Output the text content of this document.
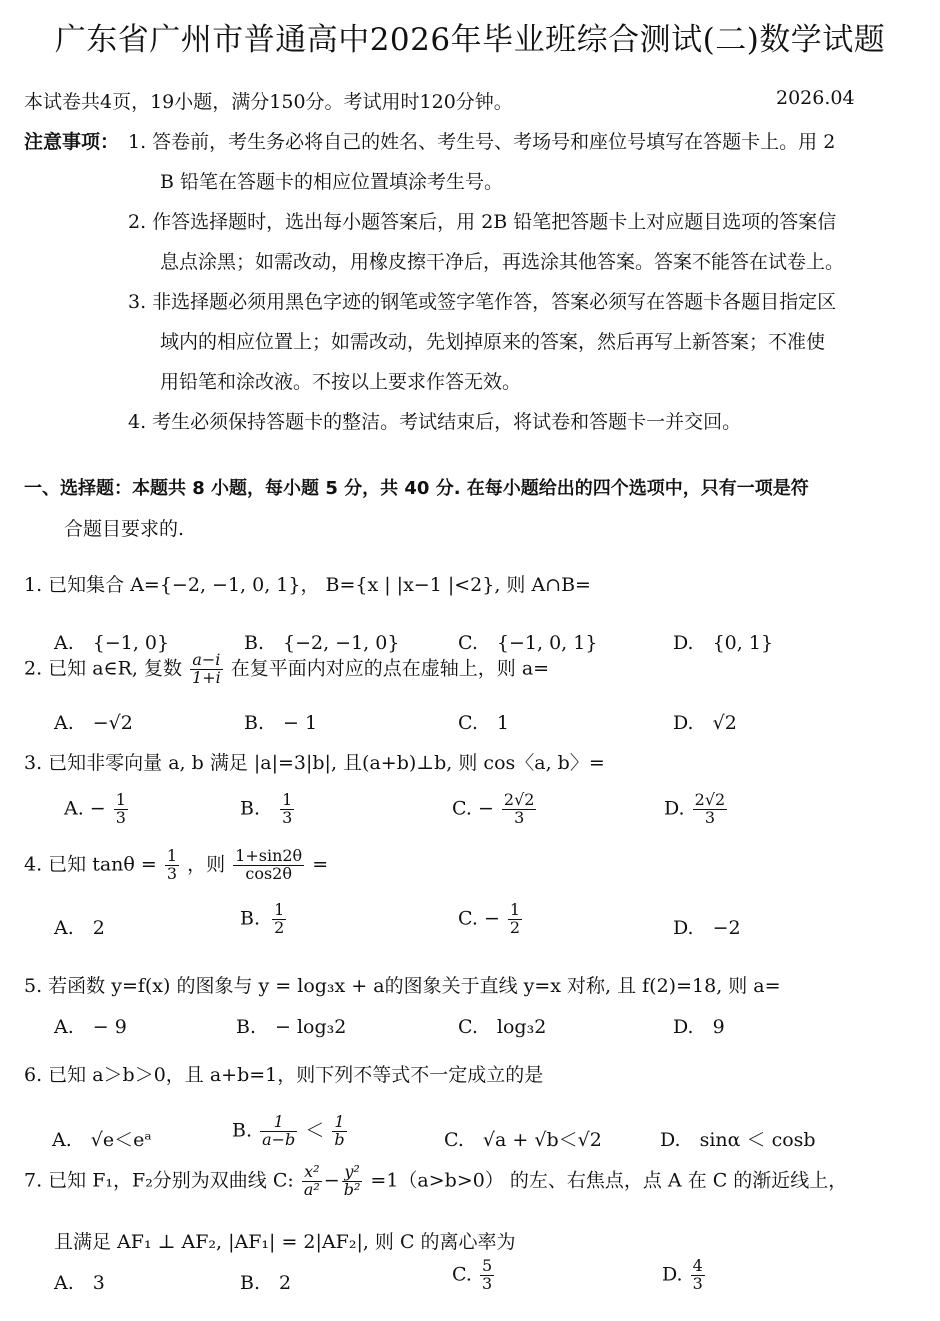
广东省广州市普通高中2026年毕业班综合测试(二)数学试题
本试卷共4页，19小题，满分150分。考试用时120分钟。	2026.04
注意事项： 1. 答卷前，考生务必将自己的姓名、考生号、考场号和座位号填写在答题卡上。用 2
B 铅笔在答题卡的相应位置填涂考生号。
2. 作答选择题时，选出每小题答案后，用 2B 铅笔把答题卡上对应题目选项的答案信
息点涂黑；如需改动，用橡皮擦干净后，再选涂其他答案。答案不能答在试卷上。
3. 非选择题必须用黑色字迹的钢笔或签字笔作答，答案必须写在答题卡各题目指定区
域内的相应位置上；如需改动，先划掉原来的答案，然后再写上新答案；不准使
用铅笔和涂改液。不按以上要求作答无效。
4. 考生必须保持答题卡的整洁。考试结束后，将试卷和答题卡一并交回。
一、选择题：本题共 8 小题，每小题 5 分，共 40 分. 在每小题给出的四个选项中，只有一项是符
合题目要求的.
1. 已知集合 A={−2, −1, 0, 1}， B={x | |x−1 |<2}, 则 A∩B=
A.　{−1, 0}	B.　{−2, −1, 0}	C.　{−1, 0, 1}	D.　{0, 1}
2. 已知 a∈R, 复数 $\frac{a-i}{1+i}$ 在复平面内对应的点在虚轴上，则 a=
A.　−√2	B.　− 1	C.　1	D.　√2
3. 已知非零向量 a, b 满足 |a|=3|b|, 且(a+b)⊥b, 则 cos〈a, b〉=
A. − $\frac{1}{3}$	B. $\frac{1}{3}$	C. − $\frac{2√2}{3}$	D. $\frac{2√2}{3}$
4. 已知 $\tan\theta = \frac{1}{3}$ ，则 $\frac{1+\sin 2\theta}{\cos 2\theta}$ =
A.　2	B. $\frac{1}{2}$	C. − $\frac{1}{2}$	D.　−2
5. 若函数 y=f(x) 的图象与 y = log₃x + a的图象关于直线 y=x 对称, 且 f(2)=18, 则 a=
A.　− 9	B.　− log₃2	C.　log₃2	D.　9
6. 已知 a＞b＞0，且 a+b=1，则下列不等式不一定成立的是
A.　√e＜eᵃ	B. $\frac{1}{a-b} < \frac{1}{b}$	C.　√a + √b＜√2	D.　sinα ＜ cosb
7. 已知 F₁，F₂分别为双曲线 C: $\frac{\text{x²}}{\text{a²}} - \frac{\text{y²}}{\text{b²}} =1(a>b>0)$ 的左、右焦点，点 A 在 C 的渐近线上，
且满足 AF₁ ⊥ AF₂, |AF₁| = 2|AF₂|, 则 C 的离心率为
A.　3	B.　2	C. $\frac{5}{3}$	D. $\frac{4}{3}$
